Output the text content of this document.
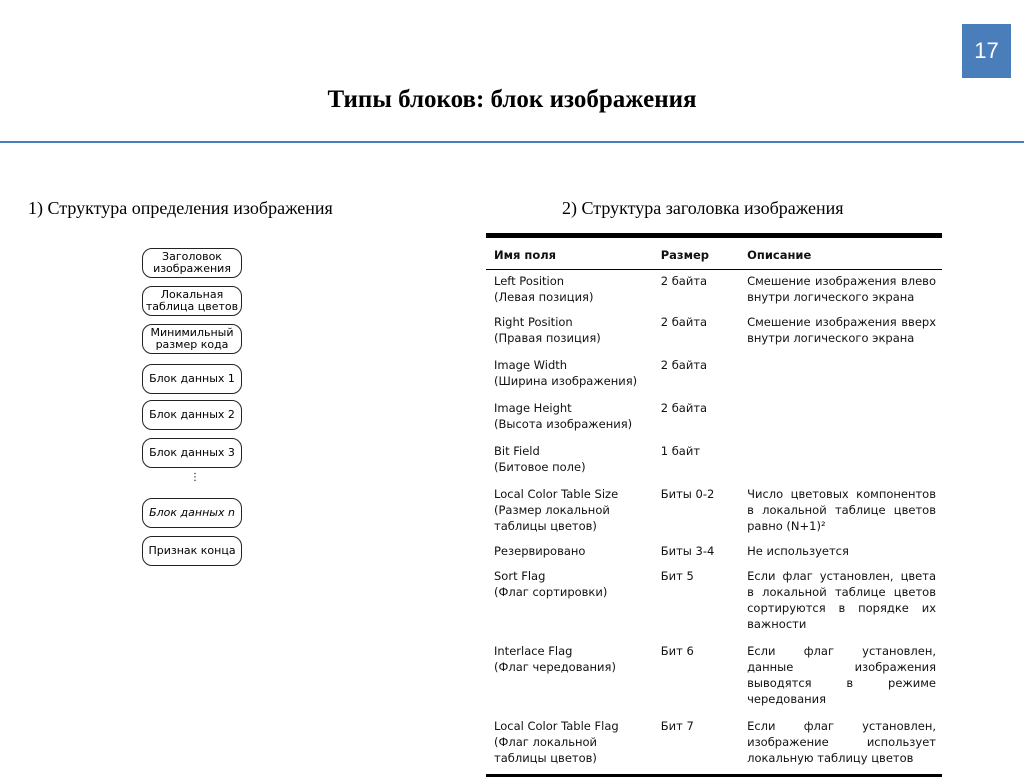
17
Типы блоков: блок изображения
1) Структура определения изображения	2) Структура заголовка изображения
Заголовок изображения
Локальная таблица цветов
Минимильный размер кода
Блок данных 1
Блок данных 2
Блок данных 3
⋮
Блок данных n
Признак конца
Имя поля	Размер	Описание
Left Position
(Левая позиция)	2 байта	Смешение изображения влево внутри логического экрана
Right Position
(Правая позиция)	2 байта	Смешение изображения вверх внутри логического экрана
Image Width
(Ширина изображения)	2 байта	
Image Height
(Высота изображения)	2 байта	
Bit Field
(Битовое поле)	1 байт	
Local Color Table Size
(Размер локальной таблицы цветов)	Биты 0-2	Число цветовых компонентов в локальной таблице цветов равно (N+1)²
Резервировано	Биты 3-4	Не используется
Sort Flag
(Флаг сортировки)	Бит 5	Если флаг установлен, цвета в локальной таблице цветов сортируются в порядке их важности
Interlace Flag
(Флаг чередования)	Бит 6	Если флаг установлен, данные изображения выводятся в режиме чередования
Local Color Table Flag
(Флаг локальной таблицы цветов)	Бит 7	Если флаг установлен, изображение использует локальную таблицу цветов
